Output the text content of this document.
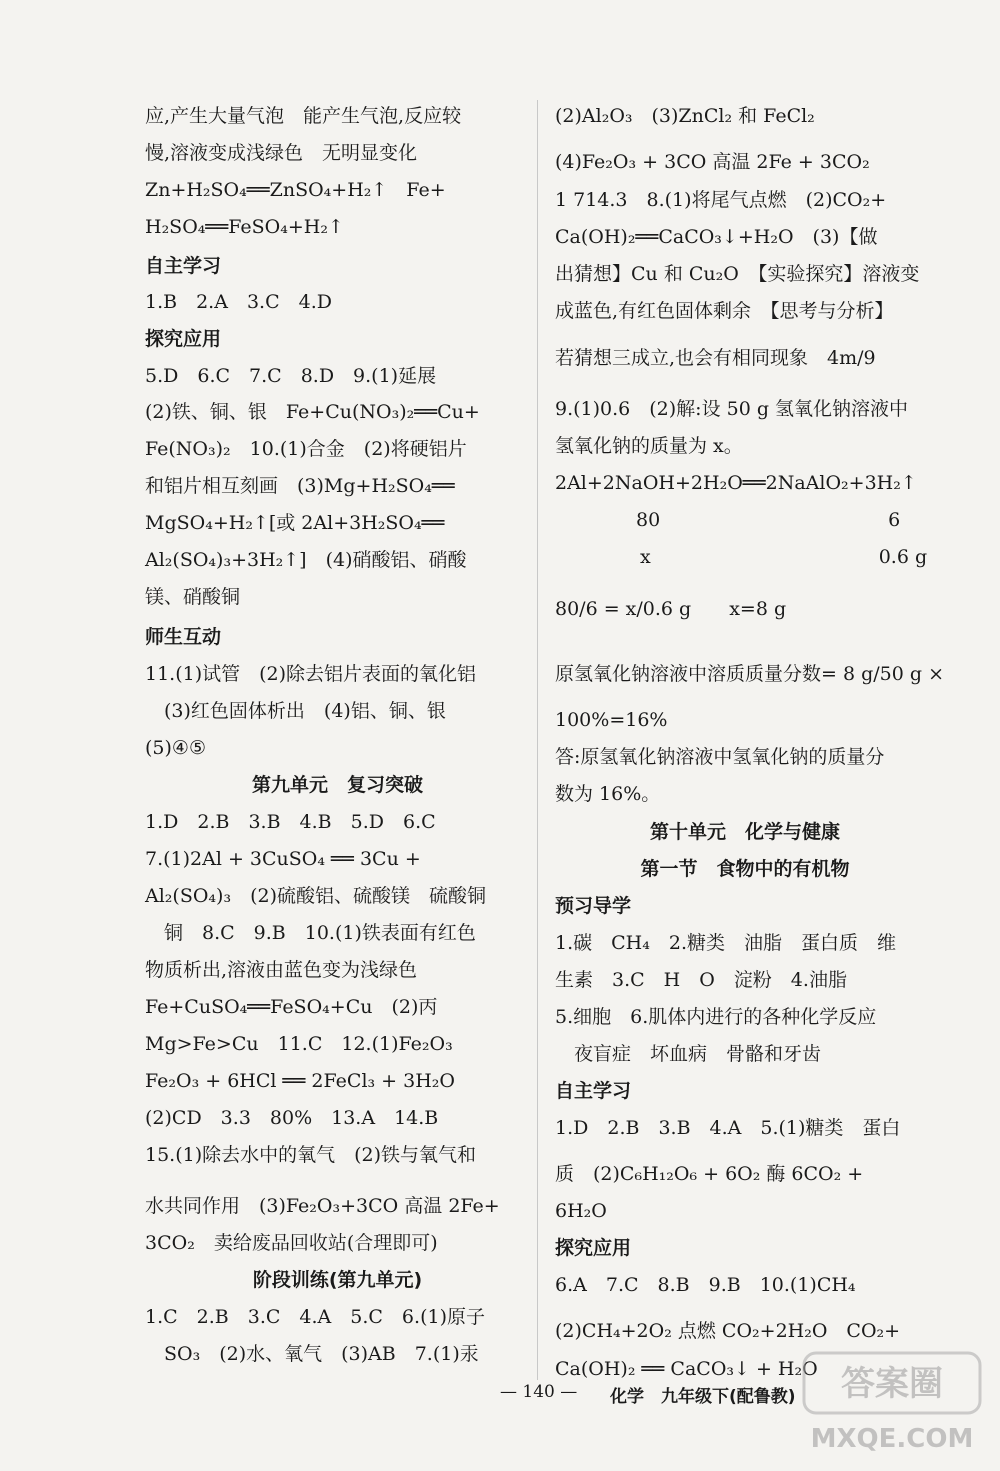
应,产生大量气泡　能产生气泡,反应较
慢,溶液变成浅绿色　无明显变化
Zn+H₂SO₄══ZnSO₄+H₂↑　Fe+
H₂SO₄══FeSO₄+H₂↑
自主学习
1.B　2.A　3.C　4.D
探究应用
5.D　6.C　7.C　8.D　9.(1)延展
(2)铁、铜、银　Fe+Cu(NO₃)₂══Cu+
Fe(NO₃)₂　10.(1)合金　(2)将硬铝片
和铝片相互刻画　(3)Mg+H₂SO₄══
MgSO₄+H₂↑[或 2Al+3H₂SO₄══
Al₂(SO₄)₃+3H₂↑]　(4)硝酸铝、硝酸
镁、硝酸铜
师生互动
11.(1)试管　(2)除去铝片表面的氧化铝
　(3)红色固体析出　(4)铝、铜、银
(5)④⑤
第九单元　复习突破
1.D　2.B　3.B　4.B　5.D　6.C
7.(1)2Al + 3CuSO₄ ══ 3Cu +
Al₂(SO₄)₃　(2)硫酸铝、硫酸镁　硫酸铜
　铜　8.C　9.B　10.(1)铁表面有红色
物质析出,溶液由蓝色变为浅绿色
Fe+CuSO₄══FeSO₄+Cu　(2)丙
Mg>Fe>Cu　11.C　12.(1)Fe₂O₃
Fe₂O₃ + 6HCl ══ 2FeCl₃ + 3H₂O
(2)CD　3.3　80%　13.A　14.B
15.(1)除去水中的氧气　(2)铁与氧气和
水共同作用　(3)Fe₂O₃+3CO 高温 2Fe+
3CO₂　卖给废品回收站(合理即可)
阶段训练(第九单元)
1.C　2.B　3.C　4.A　5.C　6.(1)原子
　SO₃　(2)水、氧气　(3)AB　7.(1)汞
(2)Al₂O₃　(3)ZnCl₂ 和 FeCl₂
(4)Fe₂O₃ + 3CO 高温 2Fe + 3CO₂
1 714.3　8.(1)将尾气点燃　(2)CO₂+
Ca(OH)₂══CaCO₃↓+H₂O　(3)【做
出猜想】Cu 和 Cu₂O　【实验探究】溶液变
成蓝色,有红色固体剩余　【思考与分析】
若猜想三成立,也会有相同现象　4m/9
9.(1)0.6　(2)解:设 50 g 氢氧化钠溶液中
氢氧化钠的质量为 x。
2Al+2NaOH+2H₂O══2NaAlO₂+3H₂↑
80　　　　　　　　　　　　6
x　　　　　　　　　　　　0.6 g
80/6 = x/0.6 g　　x=8 g
原氢氧化钠溶液中溶质质量分数= 8 g/50 g ×
100%=16%
答:原氢氧化钠溶液中氢氧化钠的质量分
数为 16%。
第十单元　化学与健康
第一节　食物中的有机物
预习导学
1.碳　CH₄　2.糖类　油脂　蛋白质　维
生素　3.C　H　O　淀粉　4.油脂
5.细胞　6.肌体内进行的各种化学反应
　夜盲症　坏血病　骨骼和牙齿
自主学习
1.D　2.B　3.B　4.A　5.(1)糖类　蛋白
质　(2)C₆H₁₂O₆ + 6O₂ 酶 6CO₂ +
6H₂O
探究应用
6.A　7.C　8.B　9.B　10.(1)CH₄
(2)CH₄+2O₂ 点燃 CO₂+2H₂O　CO₂+
Ca(OH)₂ ══ CaCO₃↓ + H₂O
— 140 — 化学　九年级下(配鲁教) 答案圈
MXQE.COM
